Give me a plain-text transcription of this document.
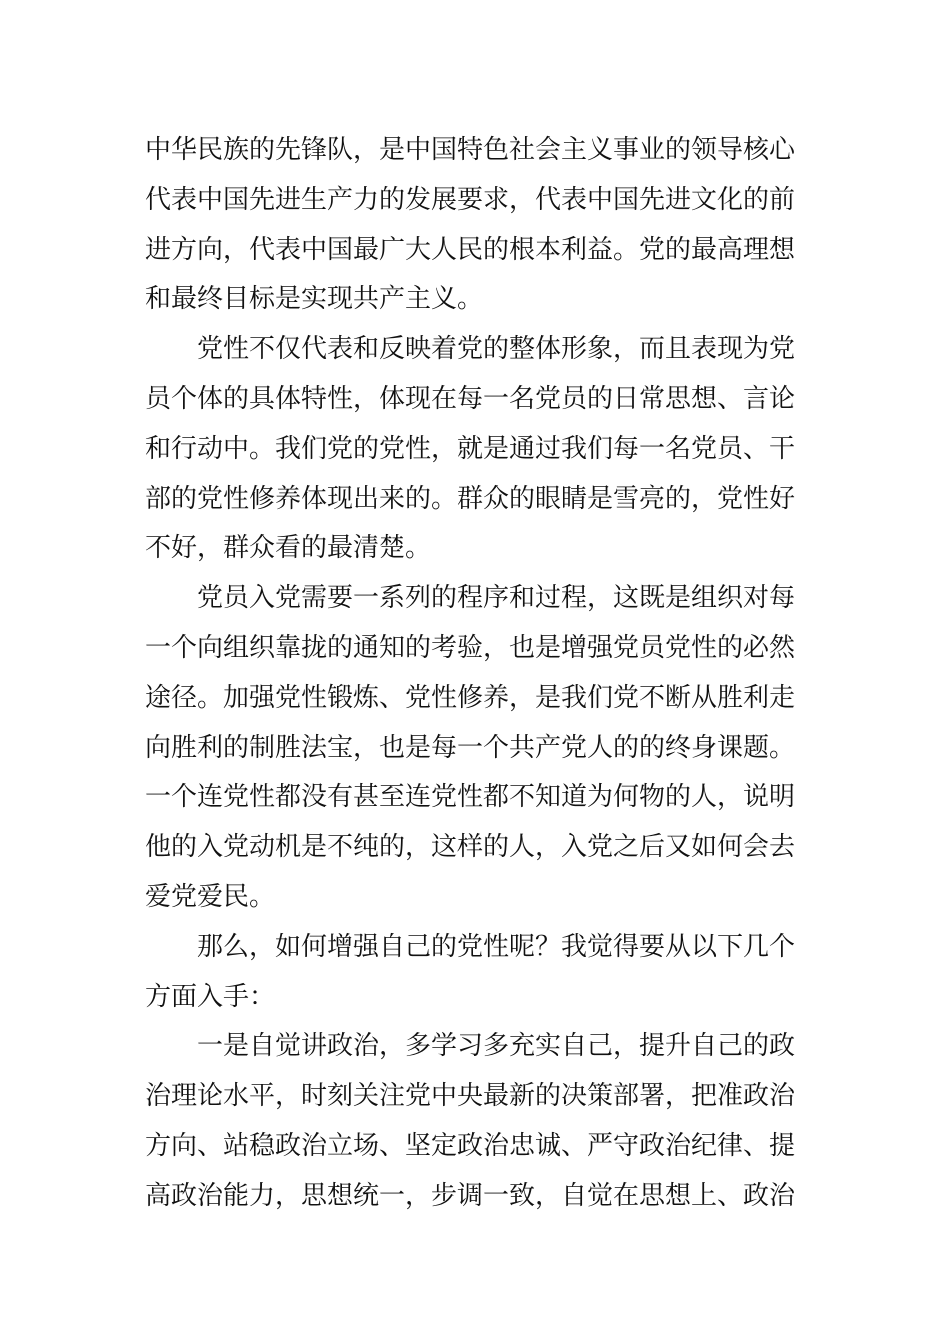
中华民族的先锋队，是中国特色社会主义事业的领导核心
代表中国先进生产力的发展要求，代表中国先进文化的前
进方向，代表中国最广大人民的根本利益。党的最高理想
和最终目标是实现共产主义。
党性不仅代表和反映着党的整体形象，而且表现为党
员个体的具体特性，体现在每一名党员的日常思想、言论
和行动中。我们党的党性，就是通过我们每一名党员、干
部的党性修养体现出来的。群众的眼睛是雪亮的，党性好
不好，群众看的最清楚。
党员入党需要一系列的程序和过程，这既是组织对每
一个向组织靠拢的通知的考验，也是增强党员党性的必然
途径。加强党性锻炼、党性修养，是我们党不断从胜利走
向胜利的制胜法宝，也是每一个共产党人的的终身课题。
一个连党性都没有甚至连党性都不知道为何物的人，说明
他的入党动机是不纯的，这样的人，入党之后又如何会去
爱党爱民。
那么，如何增强自己的党性呢？我觉得要从以下几个
方面入手：
一是自觉讲政治，多学习多充实自己，提升自己的政
治理论水平，时刻关注党中央最新的决策部署，把准政治
方向、站稳政治立场、坚定政治忠诚、严守政治纪律、提
高政治能力，思想统一，步调一致，自觉在思想上、政治
